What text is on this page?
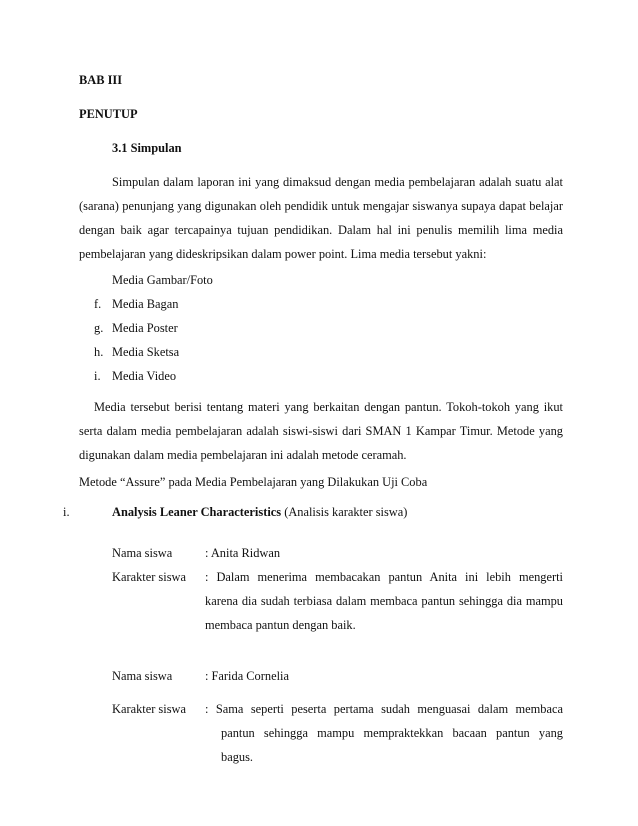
BAB III
PENUTUP
3.1 Simpulan
Simpulan dalam laporan ini yang dimaksud dengan media pembelajaran adalah suatu alat
(sarana) penunjang yang digunakan oleh pendidik untuk mengajar siswanya supaya dapat belajar
dengan baik agar tercapainya tujuan pendidikan. Dalam hal ini penulis memilih lima media
pembelajaran yang dideskripsikan dalam power point. Lima media tersebut yakni:
Media Gambar/Foto
f. Media Bagan
g. Media Poster
h. Media Sketsa
i. Media Video
Media tersebut berisi tentang materi yang berkaitan dengan pantun. Tokoh-tokoh yang ikut
serta dalam media pembelajaran adalah siswi-siswi dari SMAN 1 Kampar Timur. Metode yang
digunakan dalam media pembelajaran ini adalah metode ceramah.
Metode “Assure” pada Media Pembelajaran yang Dilakukan Uji Coba
i.	Analysis Leaner Characteristics (Analisis karakter siswa)
Nama siswa	: Anita Ridwan
Karakter siswa : Dalam menerima membacakan pantun Anita ini lebih mengerti
karena dia sudah terbiasa dalam membaca pantun sehingga dia mampu
membaca pantun dengan baik.
Nama siswa	: Farida Cornelia
Karakter siswa : Sama seperti peserta pertama sudah menguasai dalam membaca
pantun sehingga mampu mempraktekkan bacaan pantun yang
bagus.
